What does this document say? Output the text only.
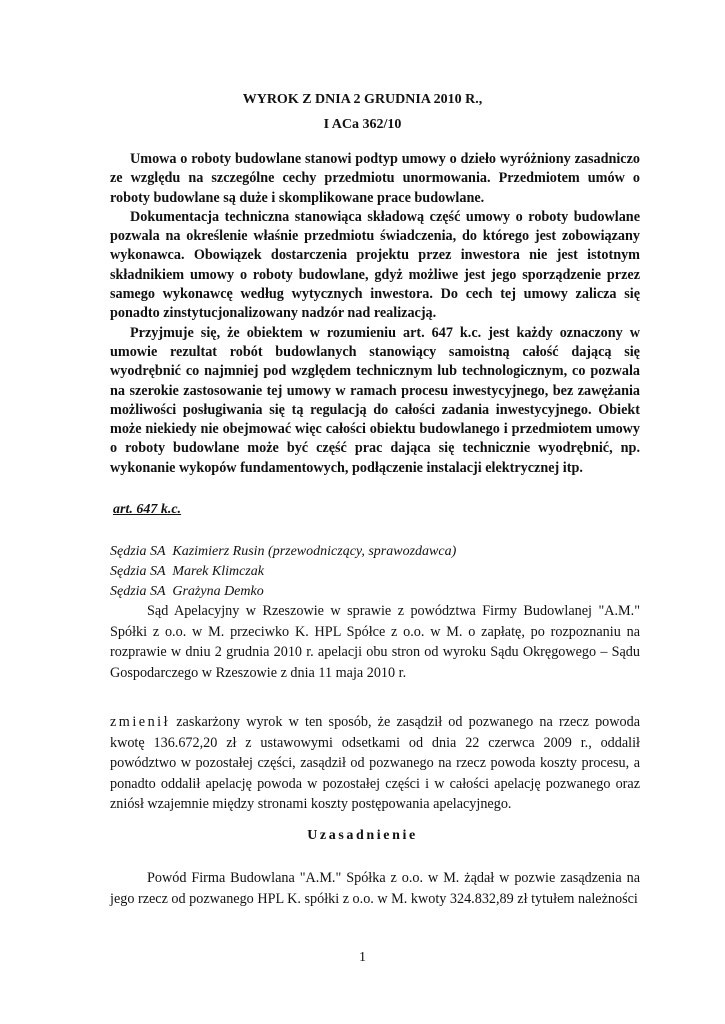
WYROK Z DNIA 2 GRUDNIA 2010 R.,
I ACa 362/10

Umowa o roboty budowlane stanowi podtyp umowy o dzieło wyróżniony zasadniczo ze względu na szczególne cechy przedmiotu unormowania. Przedmiotem umów o roboty budowlane są duże i skomplikowane prace budowlane.

Dokumentacja techniczna stanowiąca składową część umowy o roboty budowlane pozwala na określenie właśnie przedmiotu świadczenia, do którego jest zobowiązany wykonawca. Obowiązek dostarczenia projektu przez inwestora nie jest istotnym składnikiem umowy o roboty budowlane, gdyż możliwe jest jego sporządzenie przez samego wykonawcę według wytycznych inwestora. Do cech tej umowy zalicza się ponadto zinstytucjonalizowany nadzór nad realizacją.

Przyjmuje się, że obiektem w rozumieniu art. 647 k.c. jest każdy oznaczony w umowie rezultat robót budowlanych stanowiący samoistną całość dającą się wyodrębnić co najmniej pod względem technicznym lub technologicznym, co pozwala na szerokie zastosowanie tej umowy w ramach procesu inwestycyjnego, bez zawężania możliwości posługiwania się tą regulacją do całości zadania inwestycyjnego. Obiekt może niekiedy nie obejmować więc całości obiektu budowlanego i przedmiotem umowy o roboty budowlane może być część prac dająca się technicznie wyodrębnić, np. wykonanie wykopów fundamentowych, podłączenie instalacji elektrycznej itp.

art. 647 k.c.
Sędzia SA  Kazimierz Rusin (przewodniczący, sprawozdawca)
Sędzia SA  Marek Klimczak
Sędzia SA  Grażyna Demko

Sąd Apelacyjny w Rzeszowie w sprawie z powództwa Firmy Budowlanej "A.M." Spółki z o.o. w M. przeciwko K. HPL Spółce z o.o. w M. o zapłatę, po rozpoznaniu na rozprawie w dniu 2 grudnia 2010 r. apelacji obu stron od wyroku Sądu Okręgowego – Sądu Gospodarczego w Rzeszowie z dnia 11 maja 2010 r.

zmienił zaskarżony wyrok w ten sposób, że zasądził od pozwanego na rzecz powoda kwotę 136.672,20 zł z ustawowymi odsetkami od dnia 22 czerwca 2009 r., oddalił powództwo w pozostałej części, zasądził od pozwanego na rzecz powoda koszty procesu, a ponadto oddalił apelację powoda w pozostałej części i w całości apelację pozwanego oraz zniósł wzajemnie między stronami koszty postępowania apelacyjnego.

Uzasadnienie

Powód Firma Budowlana "A.M." Spółka z o.o. w M. żądał w pozwie zasądzenia na jego rzecz od pozwanego HPL K. spółki z o.o. w M. kwoty 324.832,89 zł tytułem należności

1
